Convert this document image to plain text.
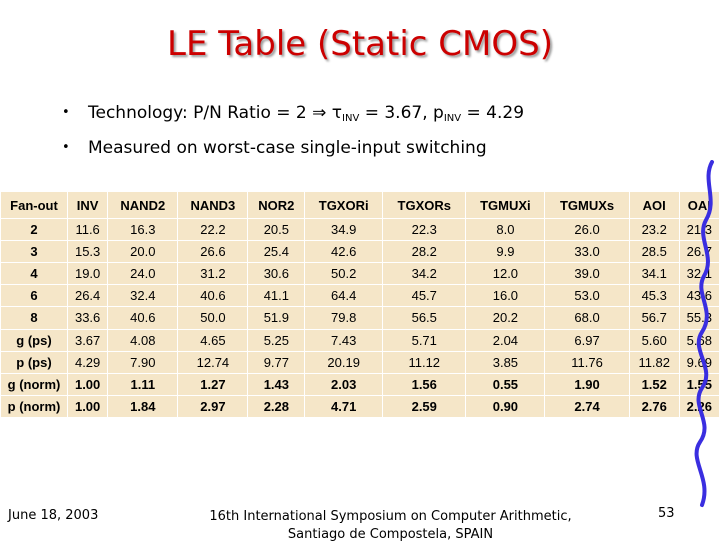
LE Table (Static CMOS)
• Technology: P/N Ratio = 2 ⇒ $\tau_{INV} = 3.67$, $p_{INV} = 4.29$
• Measured on worst-case single-input switching
Fan-out	INV	NAND2	NAND3	NOR2	TGXORi	TGXORs	TGMUXi	TGMUXs	AOI	OAI
2	11.6	16.3	22.2	20.5	34.9	22.3	8.0	26.0	23.2	21.3
3	15.3	20.0	26.6	25.4	42.6	28.2	9.9	33.0	28.5	26.7
4	19.0	24.0	31.2	30.6	50.2	34.2	12.0	39.0	34.1	32.1
6	26.4	32.4	40.6	41.1	64.4	45.7	16.0	53.0	45.3	43.6
8	33.6	40.6	50.0	51.9	79.8	56.5	20.2	68.0	56.7	55.3
g (ps)	3.67	4.08	4.65	5.25	7.43	5.71	2.04	6.97	5.60	5.68
p (ps)	4.29	7.90	12.74	9.77	20.19	11.12	3.85	11.76	11.82	9.69
g (norm)	1.00	1.11	1.27	1.43	2.03	1.56	0.55	1.90	1.52	1.55
p (norm)	1.00	1.84	2.97	2.28	4.71	2.59	0.90	2.74	2.76	2.26
June 18, 2003	16th International Symposium on Computer Arithmetic,
Santiago de Compostela, SPAIN
53
